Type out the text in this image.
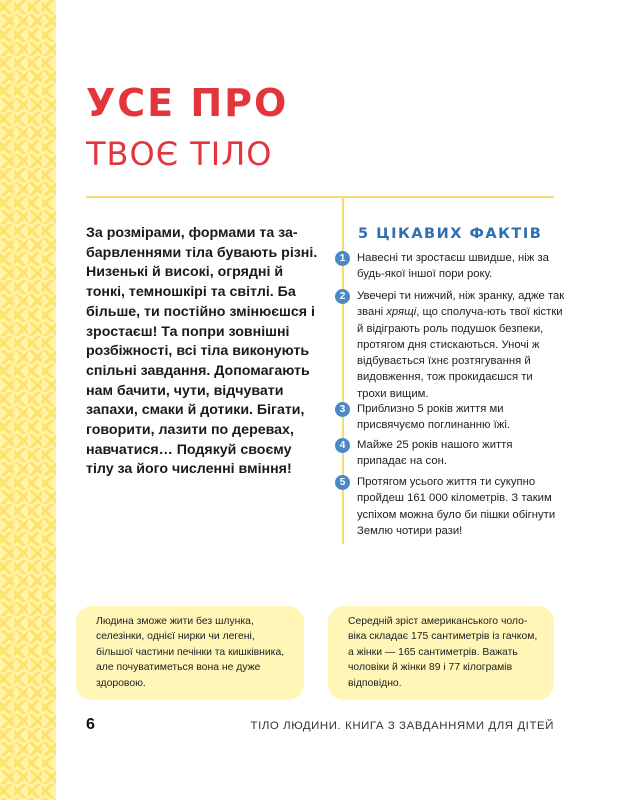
УСЕ ПРО
ТВОЄ ТІЛО

За розмірами, формами та за-барвленнями тіла бувають різні. Низенькі й високі, огрядні й тонкі, темношкірі та світлі. Ба більше, ти постійно змінюєшся і зростаєш! Та попри зовнішні розбіжності, всі тіла виконують спільні завдання. Допомагають нам бачити, чути, відчувати запахи, смаки й дотики. Бігати, говорити, лазити по деревах, навчатися… Подякуй своєму тілу за його численні вміння!

5 ЦІКАВИХ ФАКТІВ
1	Навесні ти зростаєш швидше, ніж за будь-якої іншої пори року.
2	Увечері ти нижчий, ніж зранку, адже так звані хрящі, що сполуча-ють твої кістки й відіграють роль подушок безпеки, протягом дня стискаються. Уночі ж відбувається їхнє розтягування й видовження, тож прокидаєшся ти трохи вищим.
3	Приблизно 5 років життя ми присвячуємо поглинанню їжі.
4	Майже 25 років нашого життя припадає на сон.
5	Протягом усього життя ти сукупно пройдеш 161 000 кілометрів. З таким успіхом можна було би пішки обігнути Землю чотири рази!
Людина зможе жити без шлунка, селезінки, однієї нирки чи легені, більшої частини печінки та кишківника, але почуватиметься вона не дуже здоровою.
Середній зріст американського чоло-віка складає 175 сантиметрів із гачком, а жінки — 165 сантиметрів. Важать чоловіки й жінки 89 і 77 кілограмів відповідно.
6	ТІЛО ЛЮДИНИ. КНИГА З ЗАВДАННЯМИ ДЛЯ ДІТЕЙ
